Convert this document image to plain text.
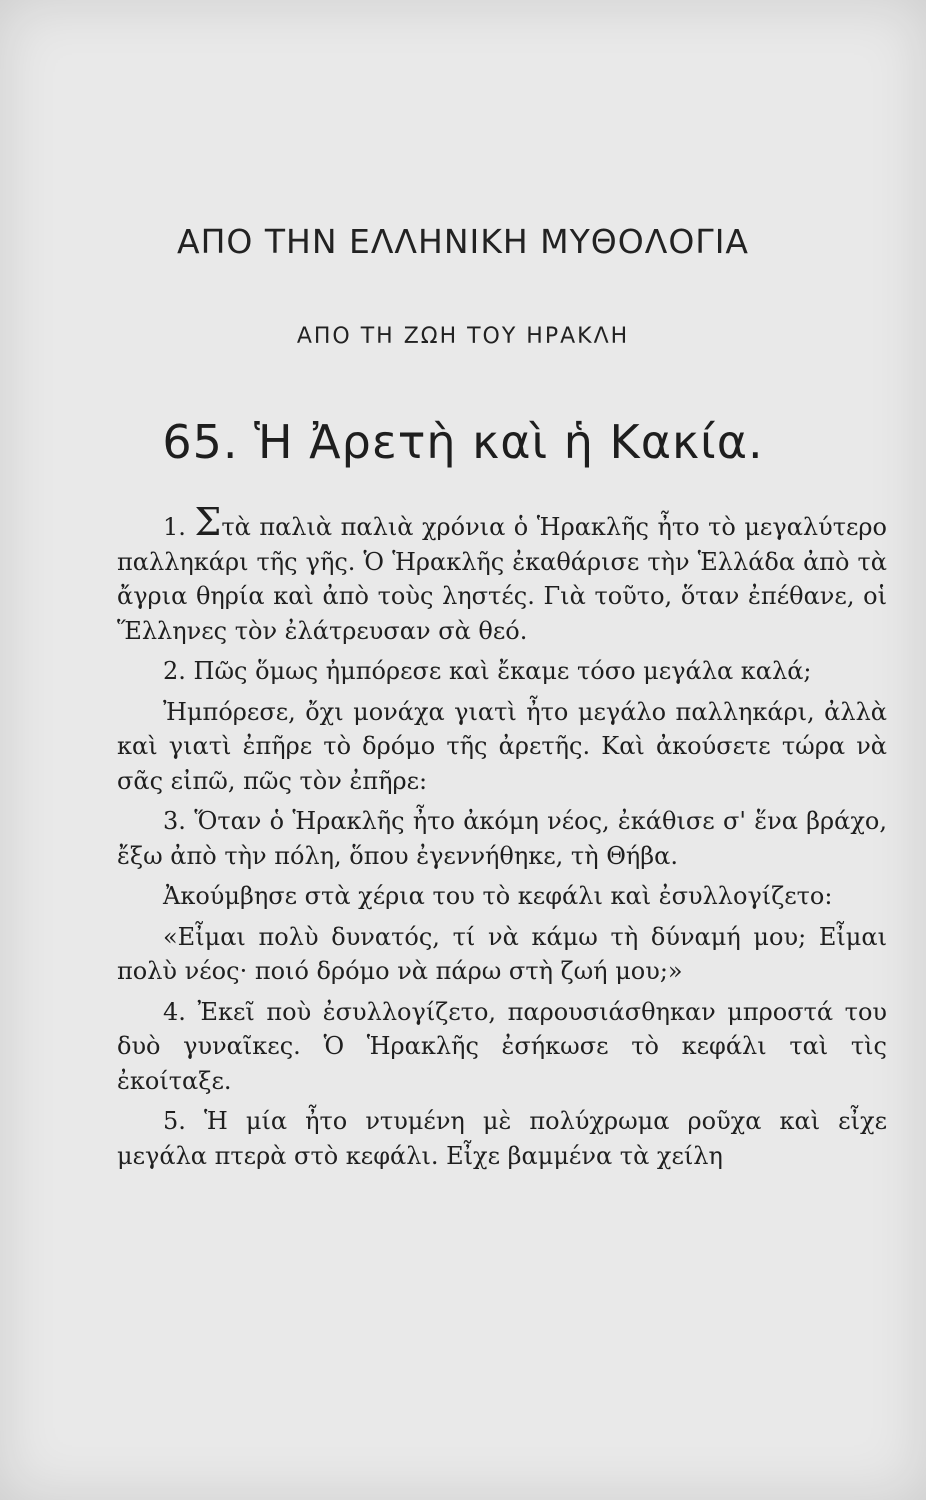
ΑΠΟ ΤΗΝ ΕΛΛΗΝΙΚΗ ΜΥΘΟΛΟΓΙΑ
ΑΠΟ ΤΗ ΖΩΗ ΤΟΥ ΗΡΑΚΛΗ
65. Ἡ Ἀρετὴ καὶ ἡ Κακία.

1. Στὰ παλιὰ παλιὰ χρόνια ὁ Ἡρακλῆς ἦτο τὸ μεγαλύτερο παλληκάρι τῆς γῆς. Ὁ Ἡρακλῆς ἐκαθάρισε τὴν Ἑλλάδα ἀπὸ τὰ ἄγρια θηρία καὶ ἀπὸ τοὺς ληστές. Γιὰ τοῦτο, ὅταν ἐπέθανε, οἱ Ἕλληνες τὸν ἐλάτρευσαν σὰ θεό.

2. Πῶς ὅμως ἠμπόρεσε καὶ ἔκαμε τόσο μεγάλα καλά;

Ἠμπόρεσε, ὄχι μονάχα γιατὶ ἦτο μεγάλο παλληκάρι, ἀλλὰ καὶ γιατὶ ἐπῆρε τὸ δρόμο τῆς ἀρετῆς. Καὶ ἀκούσετε τώρα νὰ σᾶς εἰπῶ, πῶς τὸν ἐπῆρε:

3. Ὅταν ὁ Ἡρακλῆς ἦτο ἀκόμη νέος, ἐκάθισε σ' ἕνα βράχο, ἔξω ἀπὸ τὴν πόλη, ὅπου ἐγεννήθηκε, τὴ Θήβα.

Ἀκούμβησε στὰ χέρια του τὸ κεφάλι καὶ ἐσυλλογίζετο:

«Εἶμαι πολὺ δυνατός, τί νὰ κάμω τὴ δύναμή μου; Εἶμαι πολὺ νέος· ποιό δρόμο νὰ πάρω στὴ ζωή μου;»

4. Ἐκεῖ ποὺ ἐσυλλογίζετο, παρουσιάσθηκαν μπροστά του δυὸ γυναῖκες. Ὁ Ἡρακλῆς ἐσήκωσε τὸ κεφάλι ταὶ τὶς ἐκοίταξε.

5. Ἡ μία ἦτο ντυμένη μὲ πολύχρωμα ροῦχα καὶ εἶχε μεγάλα πτερὰ στὸ κεφάλι. Εἶχε βαμμένα τὰ χείλη
